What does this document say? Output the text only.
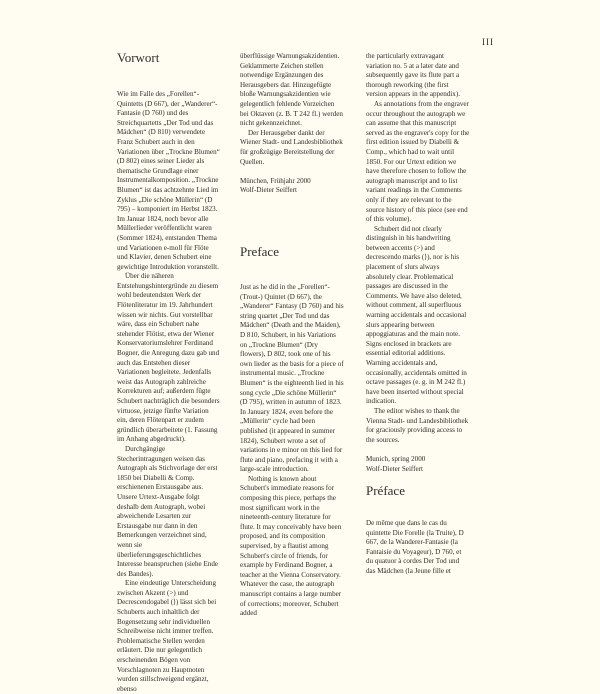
III
Vorwort

Wie im Falle des „Forellen“-Quintetts (D 667), der „Wanderer“-Fantasie (D 760) und des Streichquartetts „Der Tod und das Mädchen“ (D 810) verwendete Franz Schubert auch in den Variationen über „Trockne Blumen“ (D 802) eines seiner Lieder als thematische Grundlage einer Instrumentalkomposition. „Trockne Blumen“ ist das achtzehnte Lied im Zyklus „Die schöne Müllerin“ (D 795) – komponiert im Herbst 1823. Im Januar 1824, noch bevor alle Müllerlieder veröffentlicht waren (Sommer 1824), entstanden Thema und Variationen e-moll für Flöte und Klavier, denen Schubert eine gewichtige Introduktion voranstellt.

Über die näheren Entstehungshintergründe zu diesem wohl bedeutendsten Werk der Flötenliteratur im 19. Jahrhundert wissen wir nichts. Gut vorstellbar wäre, dass ein Schubert nahe stehender Flötist, etwa der Wiener Konservatoriumslehrer Ferdinand Bogner, die Anregung dazu gab und auch das Entstehen dieser Variationen begleitete. Jedenfalls weist das Autograph zahlreiche Korrekturen auf; außerdem fügte Schubert nachträglich die besonders virtuose, jetzige fünfte Variation ein, deren Flötenpart er zudem gründlich überarbeitete (1. Fassung im Anhang abgedruckt).

Durchgängige Stecherintragungen weisen das Autograph als Stichvorlage der erst 1850 bei Diabelli & Comp. erschienenen Erstausgabe aus. Unsere Urtext-Ausgabe folgt deshalb dem Autograph, wobei abweichende Lesarten zur Erstausgabe nur dann in den Bemerkungen verzeichnet sind, wenn sie überlieferungsgeschichtliches Interesse beanspruchen (siehe Ende des Bandes).

Eine eindeutige Unterscheidung zwischen Akzent (>) und Decrescendogabel (⟩) lässt sich bei Schuberts auch inhaltlich der Bogensetzung sehr individuellen Schreibweise nicht immer treffen. Problematische Stellen werden erläutert. Die nur gelegentlich erscheinenden Bögen von Vorschlagnoten zu Hauptnoten wurden stillschweigend ergänzt, ebenso

überflüssige Warnungsakzidentien. Geklammerte Zeichen stellen notwendige Ergänzungen des Herausgebers dar. Hinzugefügte bloße Warnungsakzidentien wie gelegentlich fehlende Vorzeichen bei Oktaven (z. B. T 242 fl.) werden nicht gekennzeichnet.

Der Herausgeber dankt der Wiener Stadt- und Landesbibliothek für großzügige Bereitstellung der Quellen.

München, Frühjahr 2000

Wolf-Dieter Seiffert

Preface

Just as he did in the „Forellen“-(Trout-) Quintet (D 667), the „Wanderer“ Fantasy (D 760) and his string quartet „Der Tod und das Mädchen“ (Death and the Maiden), D 810, Schubert, in his Variations on „Trockne Blumen“ (Dry flowers), D 802, took one of his own lieder as the basis for a piece of instrumental music. „Trockne Blumen“ is the eighteenth lied in his song cycle „Die schöne Müllerin“ (D 795), written in autumn of 1823. In January 1824, even before the „Müllerin“ cycle had been published (it appeared in summer 1824), Schubert wrote a set of variations in e minor on this lied for flute and piano, prefacing it with a large-scale introduction.

Nothing is known about Schubert's immediate reasons for composing this piece, perhaps the most significant work in the nineteenth-century literature for flute. It may conceivably have been proposed, and its composition supervised, by a flautist among Schubert's circle of friends, for example by Ferdinand Bogner, a teacher at the Vienna Conservatory. Whatever the case, the autograph manuscript contains a large number of corrections; moreover, Schubert added

the particularly extravagant variation no. 5 at a later date and subsequently gave its flute part a thorough reworking (the first version appears in the appendix).

As annotations from the engraver occur throughout the autograph we can assume that this manuscript served as the engraver's copy for the first edition issued by Diabelli & Comp., which had to wait until 1850. For our Urtext edition we have therefore chosen to follow the autograph manuscript and to list variant readings in the Comments only if they are relevant to the source history of this piece (see end of this volume).

Schubert did not clearly distinguish in his handwriting between accents (>) and decrescendo marks (⟩), nor is his placement of slurs always absolutely clear. Problematical passages are discussed in the Comments. We have also deleted, without comment, all superfluous warning accidentals and occasional slurs appearing between appoggiaturas and the main note. Signs enclosed in brackets are essential editorial additions. Warning accidentals and, occasionally, accidentals omitted in octave passages (e. g. in M 242 fl.) have been inserted without special indication.

The editor wishes to thank the Vienna Stadt- und Landesbibliothek for graciously providing access to the sources.

Munich, spring 2000

Wolf-Dieter Seiffert

Préface

De même que dans le cas du quintette Die Forelle (la Truite), D 667, de la Wanderer-Fantasie (la Fantaisie du Voyageur), D 760, et du quatuor à cordes Der Tod und das Mädchen (la Jeune fille et
